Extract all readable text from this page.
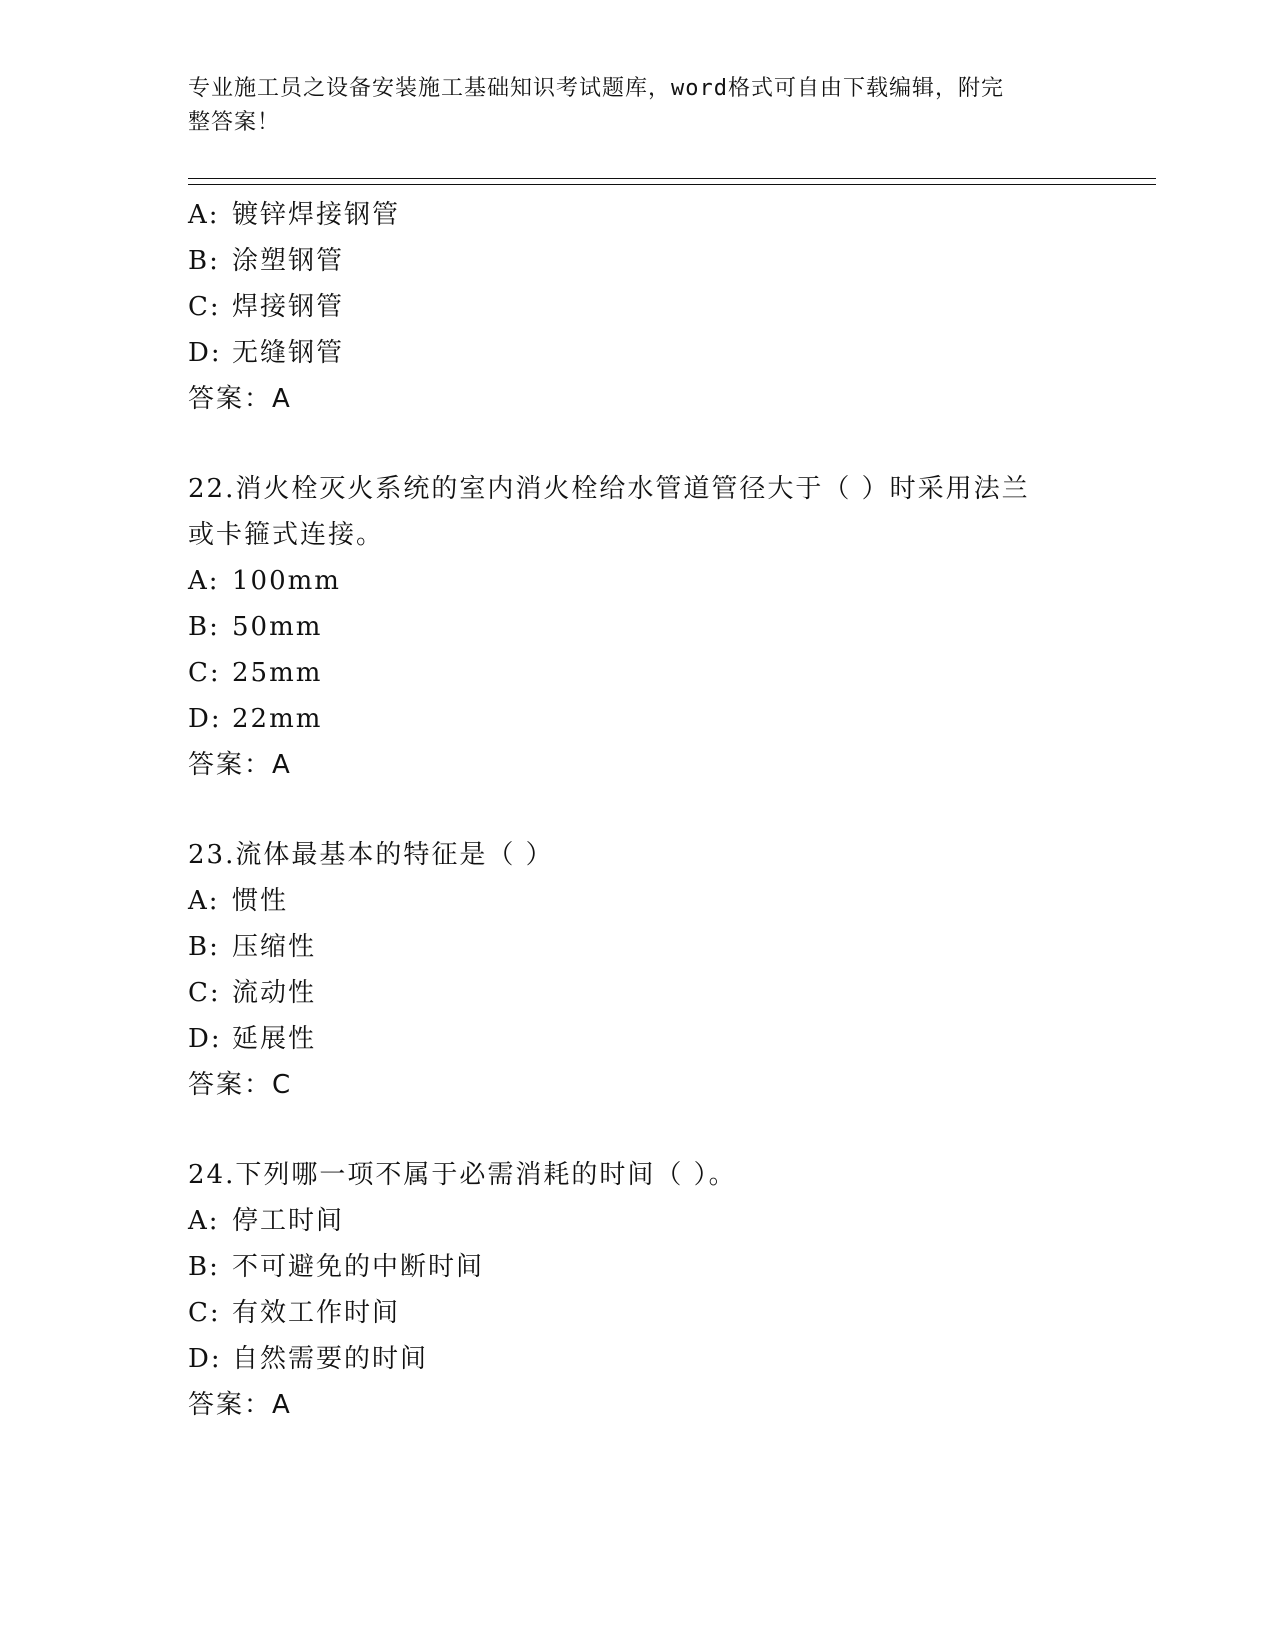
专业施工员之设备安装施工基础知识考试题库，word格式可自由下载编辑，附完
整答案！
A: 镀锌焊接钢管
B: 涂塑钢管
C: 焊接钢管
D: 无缝钢管
答案：A
22.消火栓灭火系统的室内消火栓给水管道管径大于（ ）时采用法兰
或卡箍式连接。
A: 100mm
B: 50mm
C: 25mm
D: 22mm
答案：A
23.流体最基本的特征是（ ）
A: 惯性
B: 压缩性
C: 流动性
D: 延展性
答案：C
24.下列哪一项不属于必需消耗的时间（ ）。
A: 停工时间
B: 不可避免的中断时间
C: 有效工作时间
D: 自然需要的时间
答案：A
